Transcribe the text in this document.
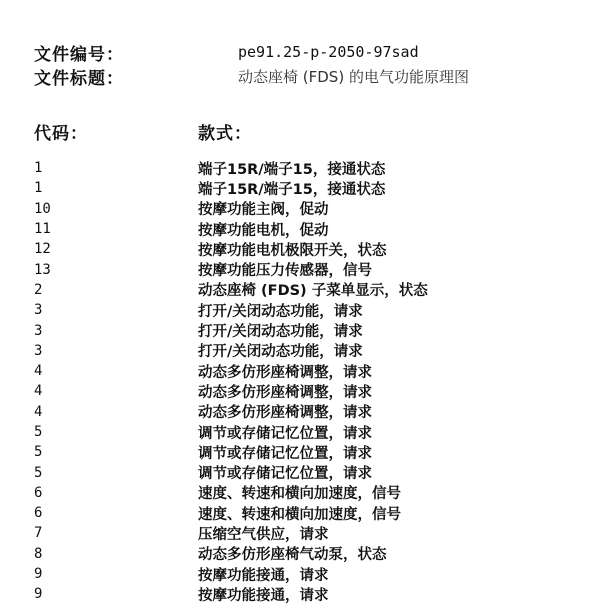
文件编号：	pe91.25-p-2050-97sad
文件标题：	动态座椅 (FDS) 的电气功能原理图
代码：	款式：
1	端子15R/端子15，接通状态
1	端子15R/端子15，接通状态
10	按摩功能主阀，促动
11	按摩功能电机，促动
12	按摩功能电机极限开关，状态
13	按摩功能压力传感器，信号
2	动态座椅 (FDS) 子菜单显示，状态
3	打开/关闭动态功能，请求
3	打开/关闭动态功能，请求
3	打开/关闭动态功能，请求
4	动态多仿形座椅调整，请求
4	动态多仿形座椅调整，请求
4	动态多仿形座椅调整，请求
5	调节或存储记忆位置，请求
5	调节或存储记忆位置，请求
5	调节或存储记忆位置，请求
6	速度、转速和横向加速度，信号
6	速度、转速和横向加速度，信号
7	压缩空气供应，请求
8	动态多仿形座椅气动泵，状态
9	按摩功能接通，请求
9	按摩功能接通，请求
